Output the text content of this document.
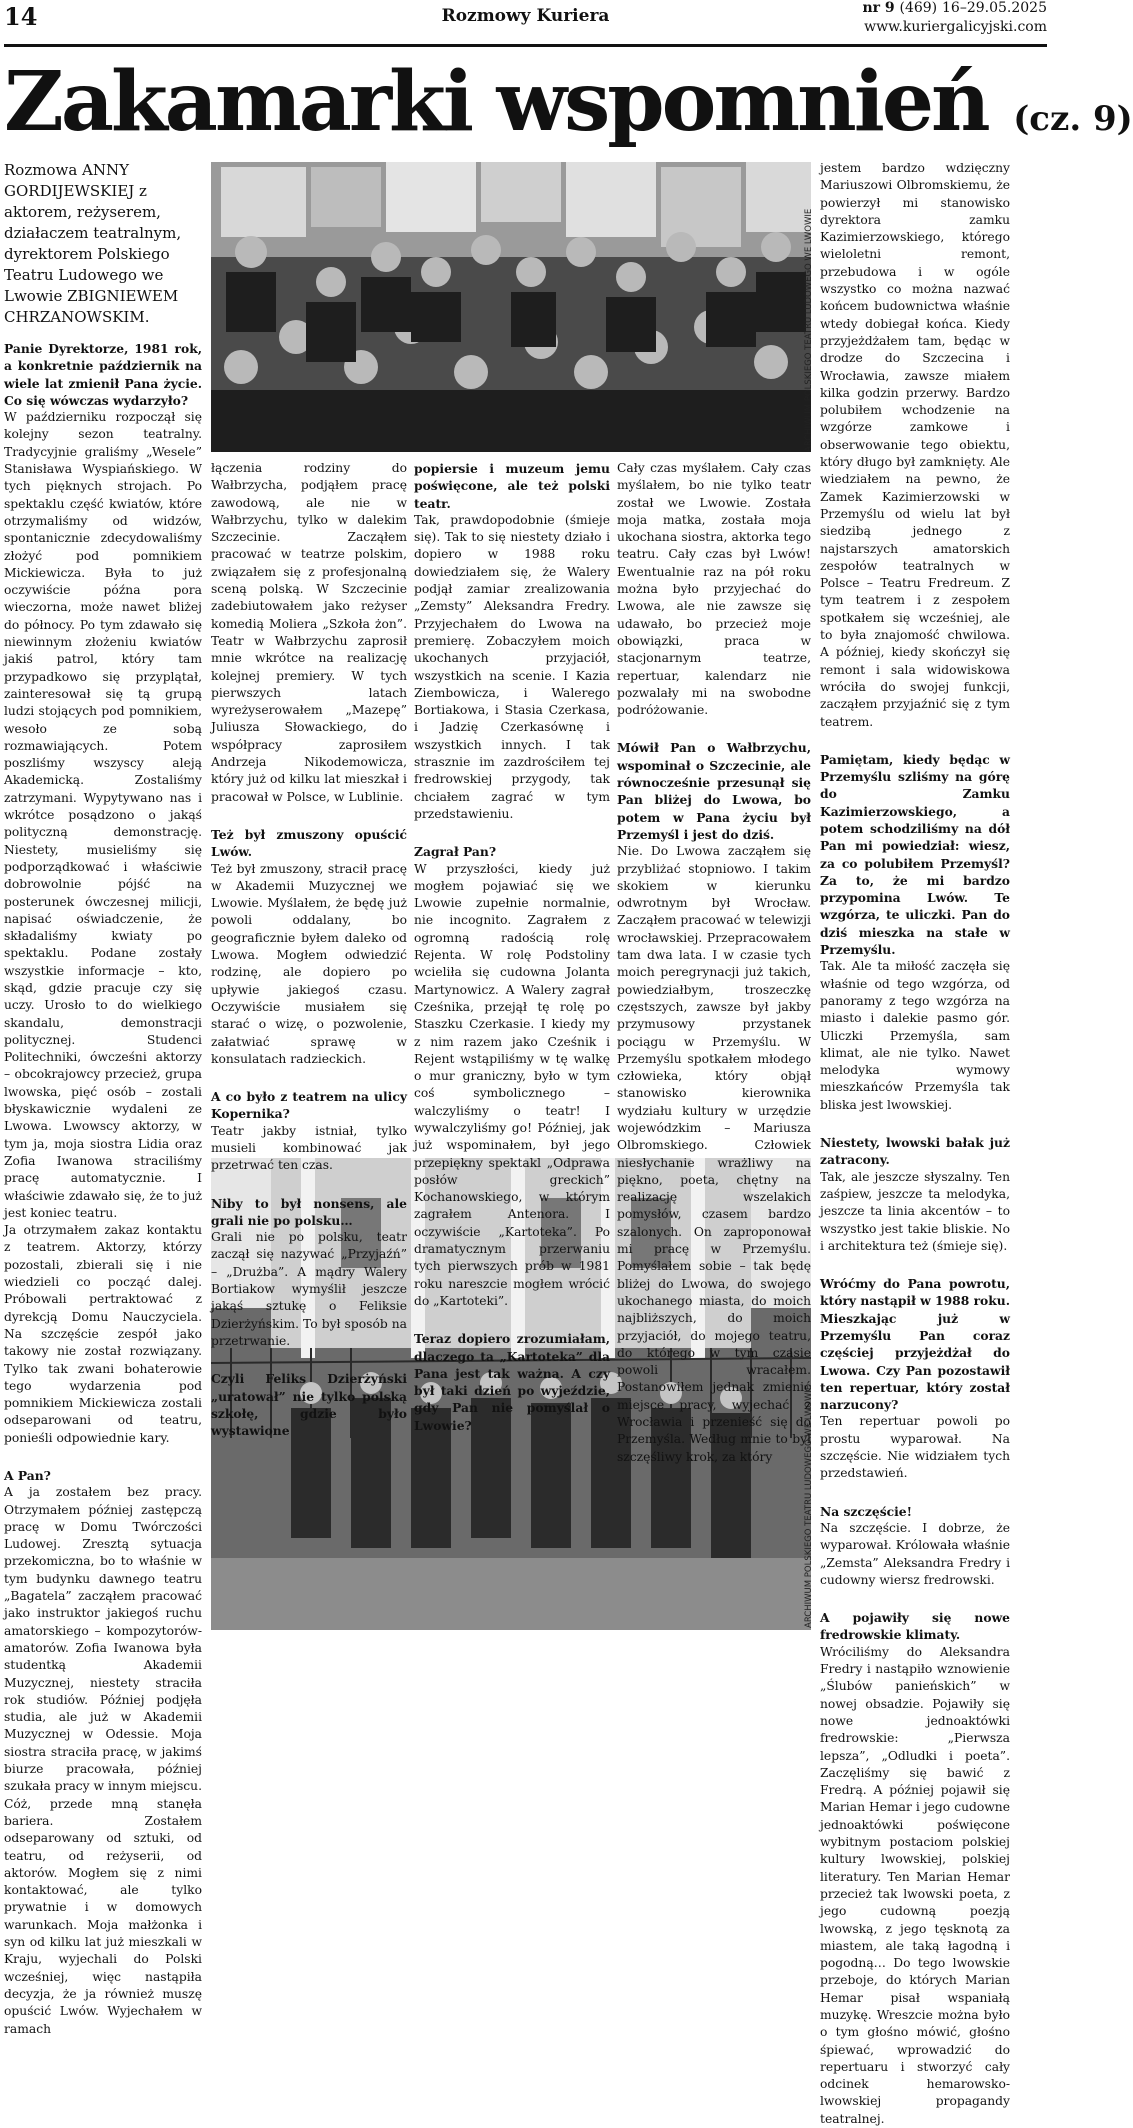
14	Rozmowy Kuriera	nr 9 (469) 16–29.05.2025
www.kuriergalicyjski.com
Zakamarki wspomnień (cz. 9)
ARCHIWUM POLSKIEGO TEATRU LUDOWEGO WE LWOWIE
ARCHIWUM POLSKIEGO TEATRU LUDOWEGO WE LWOWIE

Rozmowa ANNY GORDIJEWSKIEJ z aktorem, reżyserem, działaczem teatralnym, dyrektorem Polskiego Teatru Ludowego we Lwowie ZBIGNIEWEM CHRZANOWSKIM.

Panie Dyrektorze, 1981 rok, a konkretnie październik na wiele lat zmienił Pana życie. Co się wówczas wydarzyło?

W październiku rozpoczął się kolejny sezon teatralny. Tradycyjnie graliśmy „Wesele” Stanisława Wyspiańskiego. W tych pięknych strojach. Po spektaklu część kwiatów, które otrzymaliśmy od widzów, spontanicznie zdecydowaliśmy złożyć pod pomnikiem Mickiewicza. Była to już oczywiście późna pora wieczorna, może nawet bliżej do północy. Po tym zdawało się niewinnym złożeniu kwiatów jakiś patrol, który tam przypadkowo się przyplątał, zainteresował się tą grupą ludzi stojących pod pomnikiem, wesoło ze sobą rozmawiających. Potem poszliśmy wszyscy aleją Akademicką. Zostaliśmy zatrzymani. Wypytywano nas i wkrótce posądzono o jakąś polityczną demonstrację. Niestety, musieliśmy się podporządkować i właściwie dobrowolnie pójść na posterunek ówczesnej milicji, napisać oświadczenie, że składaliśmy kwiaty po spektaklu. Podane zostały wszystkie informacje – kto, skąd, gdzie pracuje czy się uczy. Urosło to do wielkiego skandalu, demonstracji politycznej. Studenci Politechniki, ówcześni aktorzy – obcokrajowcy przecież, grupa lwowska, pięć osób – zostali błyskawicznie wydaleni ze Lwowa. Lwowscy aktorzy, w tym ja, moja siostra Lidia oraz Zofia Iwanowa straciliśmy pracę automatycznie. I właściwie zdawało się, że to już jest koniec teatru.

Ja otrzymałem zakaz kontaktu z teatrem. Aktorzy, którzy pozostali, zbierali się i nie wiedzieli co począć dalej. Próbowali pertraktować z dyrekcją Domu Nauczyciela. Na szczęście zespół jako takowy nie został rozwiązany. Tylko tak zwani bohaterowie tego wydarzenia pod pomnikiem Mickiewicza zostali odseparowani od teatru, ponieśli odpowiednie kary.

A Pan?

A ja zostałem bez pracy. Otrzymałem później zastępczą pracę w Domu Twórczości Ludowej. Zresztą sytuacja przekomiczna, bo to właśnie w tym budynku dawnego teatru „Bagatela” zacząłem pracować jako instruktor jakiegoś ruchu amatorskiego – kompozytorów-amatorów. Zofia Iwanowa była studentką Akademii Muzycznej, niestety straciła rok studiów. Później podjęła studia, ale już w Akademii Muzycznej w Odessie. Moja siostra straciła pracę, w jakimś biurze pracowała, później szukała pracy w innym miejscu.

Cóż, przede mną stanęła bariera. Zostałem odseparowany od sztuki, od teatru, od reżyserii, od aktorów. Mogłem się z nimi kontaktować, ale tylko prywatnie i w domowych warunkach. Moja małżonka i syn od kilku lat już mieszkali w Kraju, wyjechali do Polski wcześniej, więc nastąpiła decyzja, że ja również muszę opuścić Lwów. Wyjechałem w ramach

łączenia rodziny do Wałbrzycha, podjąłem pracę zawodową, ale nie w Wałbrzychu, tylko w dalekim Szczecinie. Zacząłem pracować w teatrze polskim, związałem się z profesjonalną sceną polską. W Szczecinie zadebiutowałem jako reżyser komedią Moliera „Szkoła żon”. Teatr w Wałbrzychu zaprosił mnie wkrótce na realizację kolejnej premiery. W tych pierwszych latach wyreżyserowałem „Mazepę” Juliusza Słowackiego, do współpracy zaprosiłem Andrzeja Nikodemowicza, który już od kilku lat mieszkał i pracował w Polsce, w Lublinie.

Też był zmuszony opuścić Lwów.

Też był zmuszony, stracił pracę w Akademii Muzycznej we Lwowie. Myślałem, że będę już powoli oddalany, bo geograficznie byłem daleko od Lwowa. Mogłem odwiedzić rodzinę, ale dopiero po upływie jakiegoś czasu. Oczywiście musiałem się starać o wizę, o pozwolenie, załatwiać sprawę w konsulatach radzieckich.

A co było z teatrem na ulicy Kopernika?

Teatr jakby istniał, tylko musieli kombinować jak przetrwać ten czas.

Niby to był nonsens, ale grali nie po polsku…

Grali nie po polsku, teatr zaczął się nazywać „Przyjaźń” – „Drużba”. A mądry Walery Bortiakow wymyślił jeszcze jakąś sztukę o Feliksie Dzierżyńskim. To był sposób na przetrwanie.

Czyli Feliks Dzierżyński „uratował” nie tylko polską szkołę, gdzie było wystawione

popiersie i muzeum jemu poświęcone, ale też polski teatr.

Tak, prawdopodobnie (śmieje się). Tak to się niestety działo i dopiero w 1988 roku dowiedziałem się, że Walery podjął zamiar zrealizowania „Zemsty” Aleksandra Fredry. Przyjechałem do Lwowa na premierę. Zobaczyłem moich ukochanych przyjaciół, wszystkich na scenie. I Kazia Ziembowicza, i Walerego Bortiakowa, i Stasia Czerkasa, i Jadzię Czerkasównę i wszystkich innych. I tak strasznie im zazdrościłem tej fredrowskiej przygody, tak chciałem zagrać w tym przedstawieniu.

Zagrał Pan?

W przyszłości, kiedy już mogłem pojawiać się we Lwowie zupełnie normalnie, nie incognito. Zagrałem z ogromną radością rolę Rejenta. W rolę Podstoliny wcieliła się cudowna Jolanta Martynowicz. A Walery zagrał Cześnika, przejął tę rolę po Staszku Czerkasie. I kiedy my z nim razem jako Cześnik i Rejent wstąpiliśmy w tę walkę o mur graniczny, było w tym coś symbolicznego – walczyliśmy o teatr! I wywalczyliśmy go! Później, jak już wspominałem, był jego przepiękny spektakl „Odprawa posłów greckich” Kochanowskiego, w którym zagrałem Antenora. I oczywiście „Kartoteka”. Po dramatycznym przerwaniu tych pierwszych prób w 1981 roku nareszcie mogłem wrócić do „Kartoteki”.

Teraz dopiero zrozumiałam, dlaczego ta „Kartoteka” dla Pana jest tak ważna. A czy był taki dzień po wyjeździe, gdy Pan nie pomyślał o Lwowie?

Cały czas myślałem. Cały czas myślałem, bo nie tylko teatr został we Lwowie. Została moja matka, została moja ukochana siostra, aktorka tego teatru. Cały czas był Lwów! Ewentualnie raz na pół roku można było przyjechać do Lwowa, ale nie zawsze się udawało, bo przecież moje obowiązki, praca w stacjonarnym teatrze, repertuar, kalendarz nie pozwalały mi na swobodne podróżowanie.

Mówił Pan o Wałbrzychu, wspominał o Szczecinie, ale równocześnie przesunął się Pan bliżej do Lwowa, bo potem w Pana życiu był Przemyśl i jest do dziś.

Nie. Do Lwowa zacząłem się przybliżać stopniowo. I takim skokiem w kierunku odwrotnym był Wrocław. Zacząłem pracować w telewizji wrocławskiej. Przepracowałem tam dwa lata. I w czasie tych moich peregrynacji już takich, powiedziałbym, troszeczkę częstszych, zawsze był jakby przymusowy przystanek pociągu w Przemyślu. W Przemyślu spotkałem młodego człowieka, który objął stanowisko kierownika wydziału kultury w urzędzie wojewódzkim – Mariusza Olbromskiego. Człowiek niesłychanie wrażliwy na piękno, poeta, chętny na realizację wszelakich pomysłów, czasem bardzo szalonych. On zaproponował mi pracę w Przemyślu. Pomyślałem sobie – tak będę bliżej do Lwowa, do swojego ukochanego miasta, do moich najbliższych, do moich przyjaciół, do mojego teatru, do którego w tym czasie powoli wracałem. Postanowiłem jednak zmienić miejsce pracy, wyjechać z Wrocławia i przenieść się do Przemyśla. Według mnie to był szczęśliwy krok, za który

jestem bardzo wdzięczny Mariuszowi Olbromskiemu, że powierzył mi stanowisko dyrektora zamku Kazimierzowskiego, którego wieloletni remont, przebudowa i w ogóle wszystko co można nazwać końcem budownictwa właśnie wtedy dobiegał końca. Kiedy przyjeżdżałem tam, będąc w drodze do Szczecina i Wrocławia, zawsze miałem kilka godzin przerwy. Bardzo polubiłem wchodzenie na wzgórze zamkowe i obserwowanie tego obiektu, który długo był zamknięty. Ale wiedziałem na pewno, że Zamek Kazimierzowski w Przemyślu od wielu lat był siedzibą jednego z najstarszych amatorskich zespołów teatralnych w Polsce – Teatru Fredreum. Z tym teatrem i z zespołem spotkałem się wcześniej, ale to była znajomość chwilowa. A później, kiedy skończył się remont i sala widowiskowa wróciła do swojej funkcji, zacząłem przyjaźnić się z tym teatrem.

Pamiętam, kiedy będąc w Przemyślu szliśmy na górę do Zamku Kazimierzowskiego, a potem schodziliśmy na dół Pan mi powiedział: wiesz, za co polubiłem Przemyśl? Za to, że mi bardzo przypomina Lwów. Te wzgórza, te uliczki. Pan do dziś mieszka na stałe w Przemyślu.

Tak. Ale ta miłość zaczęła się właśnie od tego wzgórza, od panoramy z tego wzgórza na miasto i dalekie pasmo gór. Uliczki Przemyśla, sam klimat, ale nie tylko. Nawet melodyka wymowy mieszkańców Przemyśla tak bliska jest lwowskiej.

Niestety, lwowski bałak już zatracony.

Tak, ale jeszcze słyszalny. Ten zaśpiew, jeszcze ta melodyka, jeszcze ta linia akcentów – to wszystko jest takie bliskie. No i architektura też (śmieje się).

Wróćmy do Pana powrotu, który nastąpił w 1988 roku. Mieszkając już w Przemyślu Pan coraz częściej przyjeżdżał do Lwowa. Czy Pan pozostawił ten repertuar, który został narzucony?

Ten repertuar powoli po prostu wyparował. Na szczęście. Nie widziałem tych przedstawień.

Na szczęście!

Na szczęście. I dobrze, że wyparował. Królowała właśnie „Zemsta” Aleksandra Fredry i cudowny wiersz fredrowski.

A pojawiły się nowe fredrowskie klimaty.

Wróciliśmy do Aleksandra Fredry i nastąpiło wznowienie „Ślubów panieńskich” w nowej obsadzie. Pojawiły się nowe jednoaktówki fredrowskie: „Pierwsza lepsza”, „Odludki i poeta”. Zaczęliśmy się bawić z Fredrą. A później pojawił się Marian Hemar i jego cudowne jednoaktówki poświęcone wybitnym postaciom polskiej kultury lwowskiej, polskiej literatury. Ten Marian Hemar przecież tak lwowski poeta, z jego cudowną poezją lwowską, z jego tęsknotą za miastem, ale taką łagodną i pogodną… Do tego lwowskie przeboje, do których Marian Hemar pisał wspaniałą muzykę. Wreszcie można było o tym głośno mówić, głośno śpiewać, wprowadzić do repertuaru i stworzyć cały odcinek hemarowsko-lwowskiej propagandy teatralnej.
